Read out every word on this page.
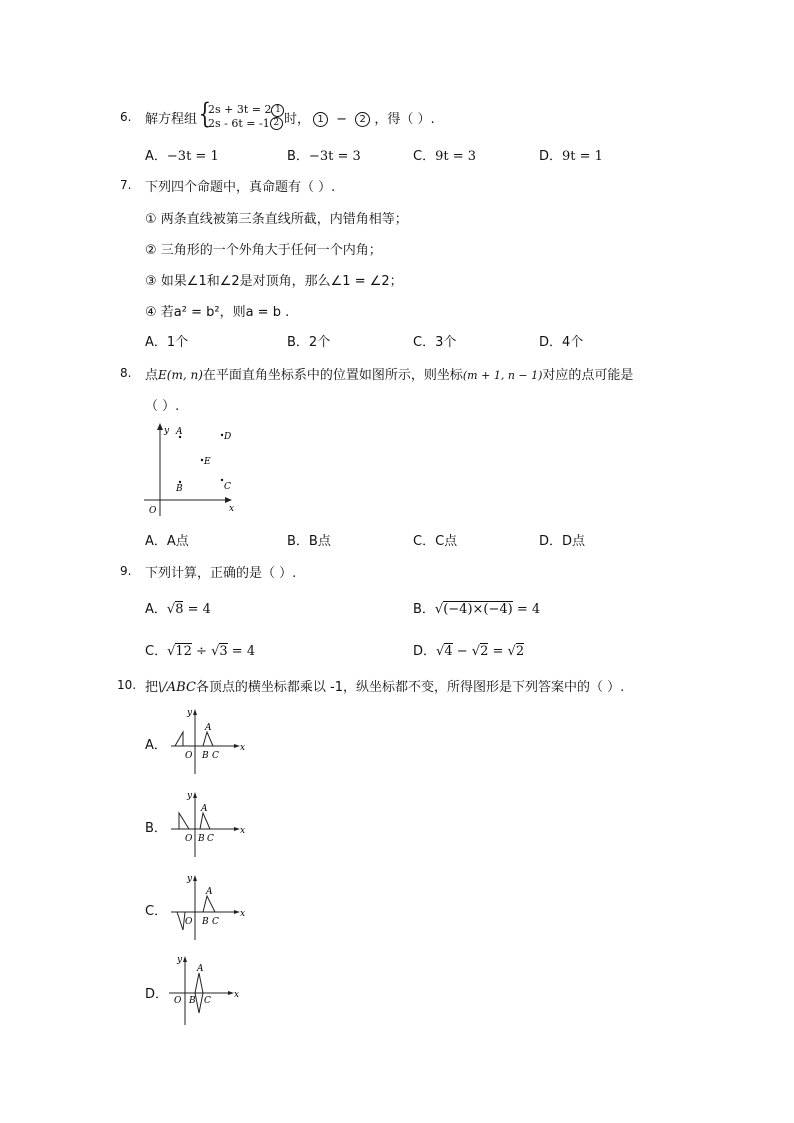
6. 解方程组 {
2s + 3t = 2 1
2s - 6t = -1 2 时， 1 − 2 ，得（ ）.
A．−3t = 1	B．−3t = 3	C．9t = 3	D．9t = 1
7. 下列四个命题中，真命题有（ ）.
① 两条直线被第三条直线所截，内错角相等；
② 三角形的一个外角大于任何一个内角；
③ 如果∠1和∠2是对顶角，那么∠1 = ∠2；
④ 若a² = b²，则a = b .
A．1个	B．2个	C．3个	D．4个
8. 点E(m, n)在平面直角坐标系中的位置如图所示，则坐标(m + 1, n − 1)对应的点可能是
（ ）.
y
x
O
A	D
E
B	C
A．A点	B．B点	C．C点	D．D点
9. 下列计算，正确的是（ ）.
A．√8 = 4	B．√(−4)×(−4) = 4
C．√12 ÷ √3 = 4	D．√4 − √2 = √2
10. 把\/ABC各顶点的横坐标都乘以 -1，纵坐标都不变，所得图形是下列答案中的（ ）.
A．
y
x
O
A
B C
B．
y
x
O
A
B C
C．
y
x
O
A
B C
D．
y
x
O
A
B C
